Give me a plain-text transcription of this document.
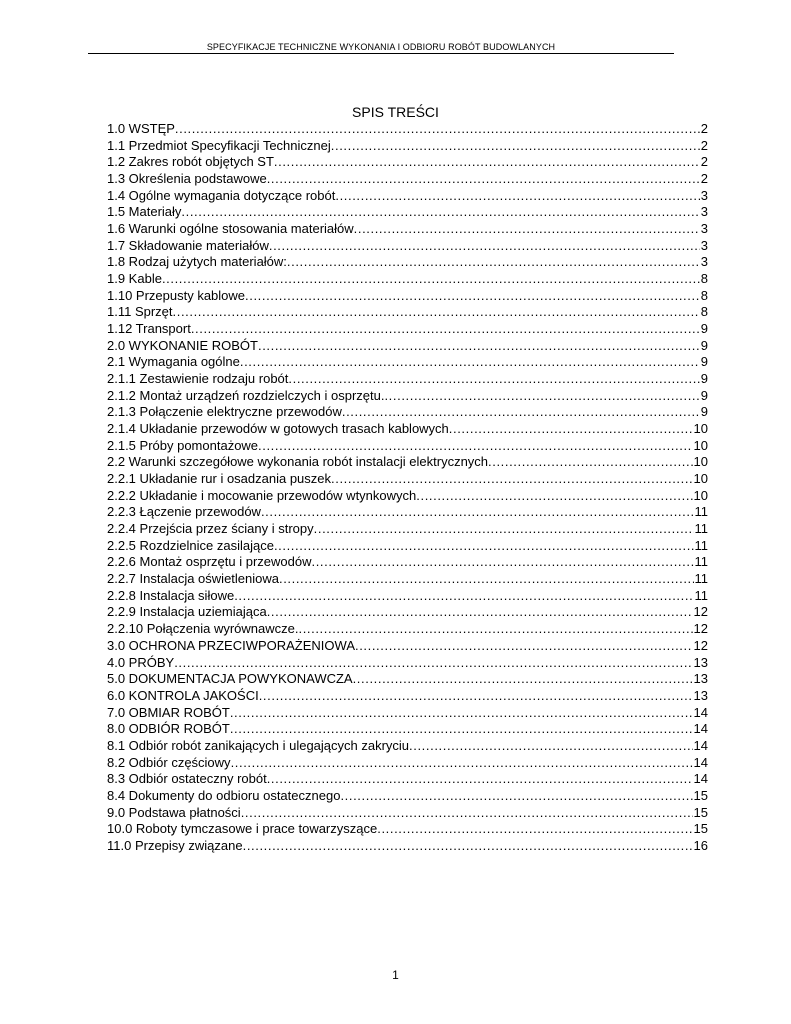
SPECYFIKACJE TECHNICZNE WYKONANIA I ODBIORU ROBÓT BUDOWLANYCH
SPIS TREŚCI
1.0 WSTĘP .....	2
1.1 Przedmiot Specyfikacji Technicznej .....	2
1.2 Zakres robót objętych ST .....	2
1.3 Określenia podstawowe .....	2
1.4 Ogólne wymagania dotyczące robót .....	3
1.5 Materiały .....	3
1.6 Warunki ogólne stosowania materiałów .....	3
1.7 Składowanie materiałów .....	3
1.8 Rodzaj użytych materiałów: .....	3
1.9 Kable .....	8
1.10 Przepusty kablowe .....	8
1.11 Sprzęt .....	8
1.12 Transport .....	9
2.0 WYKONANIE ROBÓT .....	9
2.1 Wymagania ogólne .....	9
2.1.1 Zestawienie rodzaju robót .....	9
2.1.2 Montaż urządzeń rozdzielczych i osprzętu. .....	9
2.1.3 Połączenie elektryczne przewodów .....	9
2.1.4 Układanie przewodów w gotowych trasach kablowych .....	10
2.1.5 Próby pomontażowe .....	10
2.2 Warunki szczegółowe wykonania robót instalacji elektrycznych .....	10
2.2.1 Układanie rur i osadzania puszek .....	10
2.2.2 Układanie i mocowanie przewodów wtynkowych .....	10
2.2.3 Łączenie przewodów .....	11
2.2.4 Przejścia przez ściany i stropy .....	11
2.2.5 Rozdzielnice zasilające .....	11
2.2.6 Montaż osprzętu i przewodów .....	11
2.2.7 Instalacja oświetleniowa .....	11
2.2.8 Instalacja siłowe .....	11
2.2.9 Instalacja uziemiająca .....	12
2.2.10 Połączenia wyrównawcze. .....	12
3.0 OCHRONA PRZECIWPORAŻENIOWA .....	12
4.0 PRÓBY .....	13
5.0 DOKUMENTACJA POWYKONAWCZA .....	13
6.0 KONTROLA JAKOŚCI .....	13
7.0 OBMIAR ROBÓT .....	14
8.0 ODBIÓR ROBÓT .....	14
8.1 Odbiór robót zanikających i ulegających zakryciu .....	14
8.2 Odbiór częściowy .....	14
8.3 Odbiór ostateczny robót .....	14
8.4 Dokumenty do odbioru ostatecznego .....	15
9.0 Podstawa płatności .....	15
10.0 Roboty tymczasowe i prace towarzyszące .....	15
11.0 Przepisy związane .....	16
1
